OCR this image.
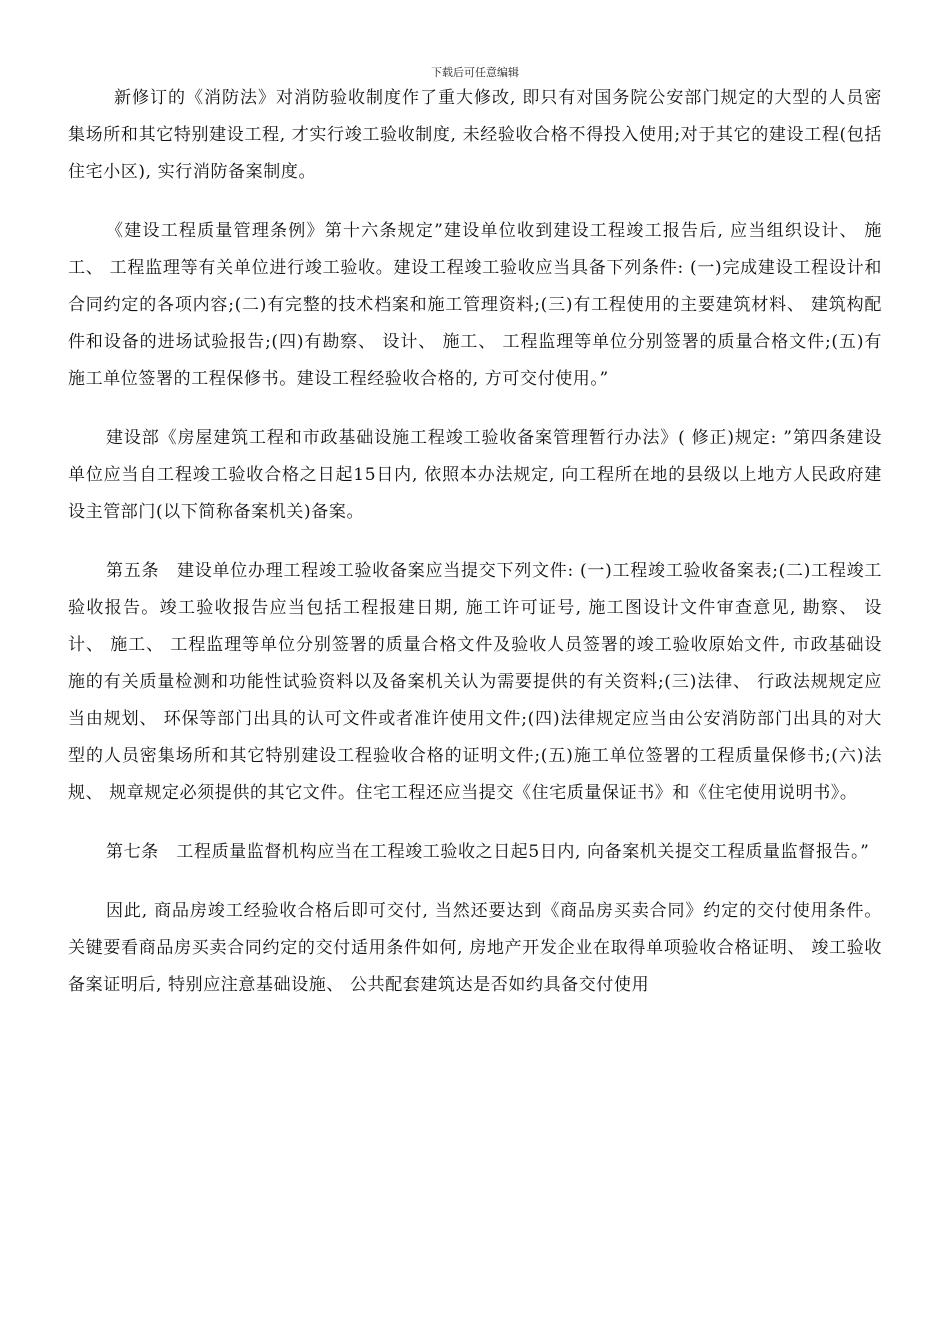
下载后可任意编辑

新修订的《消防法》对消防验收制度作了重大修改, 即只有对国务院公安部门规定的大型的人员密集场所和其它特别建设工程, 才实行竣工验收制度, 未经验收合格不得投入使用;对于其它的建设工程(包括住宅小区), 实行消防备案制度。

《建设工程质量管理条例》第十六条规定”建设单位收到建设工程竣工报告后, 应当组织设计、 施工、 工程监理等有关单位进行竣工验收。建设工程竣工验收应当具备下列条件: (一)完成建设工程设计和合同约定的各项内容;(二)有完整的技术档案和施工管理资料;(三)有工程使用的主要建筑材料、 建筑构配件和设备的进场试验报告;(四)有勘察、 设计、 施工、 工程监理等单位分别签署的质量合格文件;(五)有施工单位签署的工程保修书。建设工程经验收合格的, 方可交付使用。”

建设部《房屋建筑工程和市政基础设施工程竣工验收备案管理暂行办法》( 修正)规定: ”第四条建设单位应当自工程竣工验收合格之日起15日内, 依照本办法规定, 向工程所在地的县级以上地方人民政府建设主管部门(以下简称备案机关)备案。

第五条　建设单位办理工程竣工验收备案应当提交下列文件: (一)工程竣工验收备案表;(二)工程竣工验收报告。竣工验收报告应当包括工程报建日期, 施工许可证号, 施工图设计文件审查意见, 勘察、 设计、 施工、 工程监理等单位分别签署的质量合格文件及验收人员签署的竣工验收原始文件, 市政基础设施的有关质量检测和功能性试验资料以及备案机关认为需要提供的有关资料;(三)法律、 行政法规规定应当由规划、 环保等部门出具的认可文件或者准许使用文件;(四)法律规定应当由公安消防部门出具的对大型的人员密集场所和其它特别建设工程验收合格的证明文件;(五)施工单位签署的工程质量保修书;(六)法规、 规章规定必须提供的其它文件。住宅工程还应当提交《住宅质量保证书》和《住宅使用说明书》。

第七条　工程质量监督机构应当在工程竣工验收之日起5日内, 向备案机关提交工程质量监督报告。”

因此, 商品房竣工经验收合格后即可交付, 当然还要达到《商品房买卖合同》约定的交付使用条件。关键要看商品房买卖合同约定的交付适用条件如何, 房地产开发企业在取得单项验收合格证明、 竣工验收备案证明后, 特别应注意基础设施、 公共配套建筑达是否如约具备交付使用
